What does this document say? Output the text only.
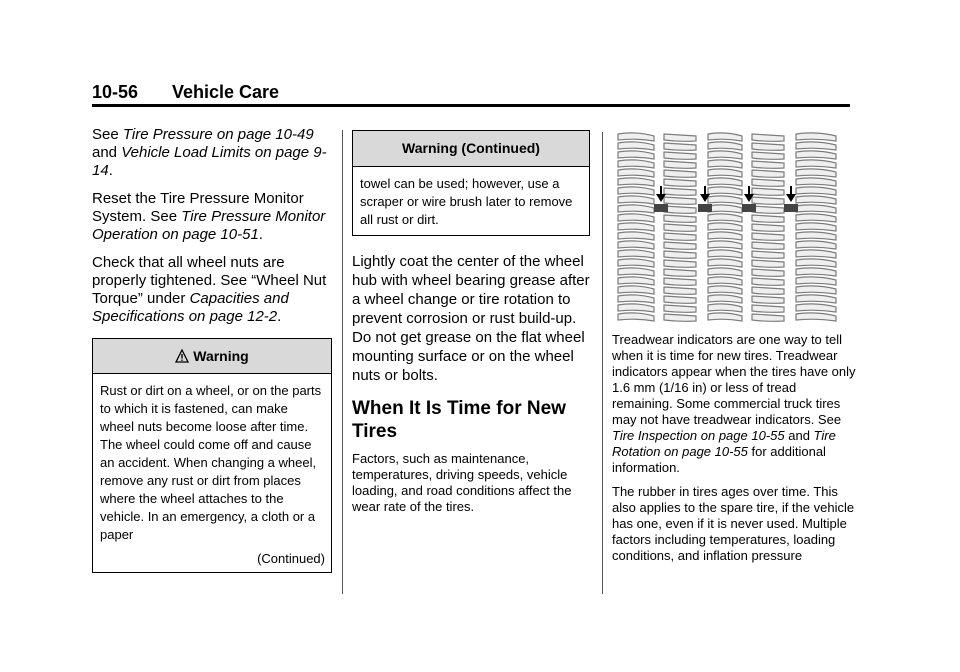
10-56 Vehicle Care

See Tire Pressure on page 10-49 and Vehicle Load Limits on page 9-14.

Reset the Tire Pressure Monitor System. See Tire Pressure Monitor Operation on page 10-51.

Check that all wheel nuts are properly tightened. See “Wheel Nut Torque” under Capacities and Specifications on page 12-2.

Warning
Rust or dirt on a wheel, or on the parts to which it is fastened, can make wheel nuts become loose after time. The wheel could come off and cause an accident. When changing a wheel, remove any rust or dirt from places where the wheel attaches to the vehicle. In an emergency, a cloth or a paper
(Continued)
Warning (Continued)
towel can be used; however, use a scraper or wire brush later to remove all rust or dirt.

Lightly coat the center of the wheel hub with wheel bearing grease after a wheel change or tire rotation to prevent corrosion or rust build-up. Do not get grease on the flat wheel mounting surface or on the wheel nuts or bolts.

When It Is Time for New Tires

Factors, such as maintenance, temperatures, driving speeds, vehicle loading, and road conditions affect the wear rate of the tires.

Treadwear indicators are one way to tell when it is time for new tires. Treadwear indicators appear when the tires have only 1.6 mm (1/16 in) or less of tread remaining. Some commercial truck tires may not have treadwear indicators. See Tire Inspection on page 10-55 and Tire Rotation on page 10-55 for additional information.

The rubber in tires ages over time. This also applies to the spare tire, if the vehicle has one, even if it is never used. Multiple factors including temperatures, loading conditions, and inflation pressure
